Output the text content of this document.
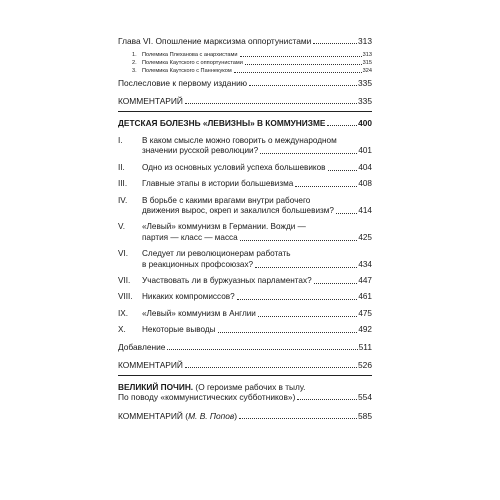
Глава VI. Опошление марксизма оппортунистами	313
1. Полемика Плеханова с анархистами	313
2. Полемика Каутского с оппортунистами	315
3. Полемика Каутского с Паннекуком	324
Послесловие к первому изданию	335
КОММЕНТАРИЙ	335
ДЕТСКАЯ БОЛЕЗНЬ «ЛЕВИЗНЫ» В КОММУНИЗМЕ	400
I.	В каком смысле можно говорить о международном
значении русской революции?	401
II.	Одно из основных условий успеха большевиков	404
III.	Главные этапы в истории большевизма	408
IV.	В борьбе с какими врагами внутри рабочего
движения вырос, окреп и закалился большевизм?	414
V.	«Левый» коммунизм в Германии. Вожди —
партия — класс — масса	425
VI.	Следует ли революционерам работать
в реакционных профсоюзах?	434
VII.	Участвовать ли в буржуазных парламентах?	447
VIII.	Никаких компромиссов?	461
IX.	«Левый» коммунизм в Англии	475
X.	Некоторые выводы	492
Добавление	511
КОММЕНТАРИЙ	526
ВЕЛИКИЙ ПОЧИН. (О героизме рабочих в тылу.
По поводу «коммунистических субботников»)	554
КОММЕНТАРИЙ (М. В. Попов)	585
